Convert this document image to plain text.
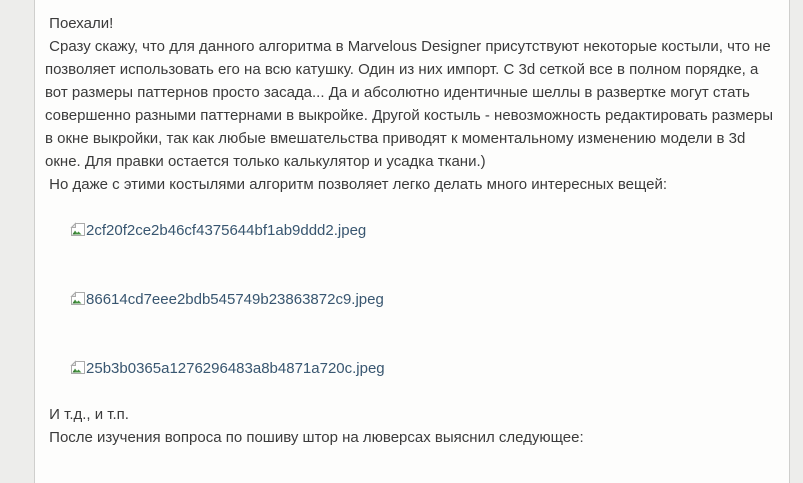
Поехали!

Сразу скажу, что для данного алгоритма в Marvelous Designer присутствуют некоторые костыли, что не позволяет использовать его на всю катушку. Один из них импорт. С 3d сеткой все в полном порядке, а вот размеры паттернов просто засада... Да и абсолютно идентичные шеллы в развертке могут стать совершенно разными паттернами в выкройке. Другой костыль - невозможность редактировать размеры в окне выкройки, так как любые вмешательства приводят к моментальному изменению модели в 3d окне. Для правки остается только калькулятор и усадка ткани.)

Но даже с этими костылями алгоритм позволяет легко делать много интересных вещей:

2cf20f2ce2b46cf4375644bf1ab9ddd2.jpeg

86614cd7eee2bdb545749b23863872c9.jpeg

25b3b0365a1276296483a8b4871a720c.jpeg

И т.д., и т.п.

После изучения вопроса по пошиву штор на люверсах выяснил следующее:
